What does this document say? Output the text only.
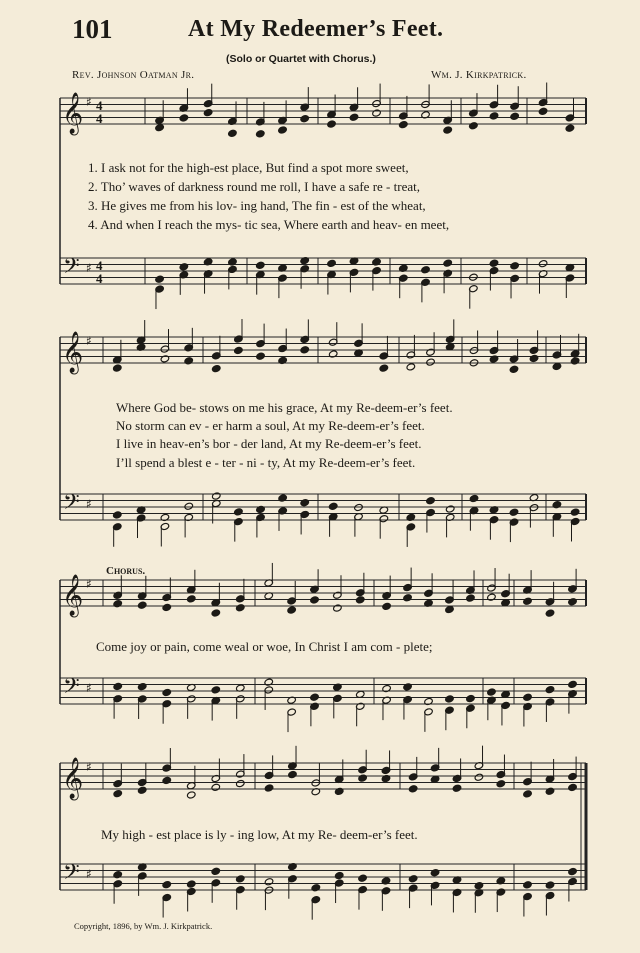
101	At My Redeemer’s Feet.
(Solo or Quartet with Chorus.)
Rev. Johnson Oatman Jr.	Wm. J. Kirkpatrick.
𝄞 ♯ 4
4
𝄢 ♯ 4
4
𝄞 ♯
𝄢 ♯
𝄞 ♯
𝄢 ♯
𝄞 ♯
𝄢 ♯
1. I ask not for the high-est place, But find a spot more sweet,
2. Tho’ waves of darkness round me roll, I have a safe re - treat,
3. He gives me from his lov- ing hand, The fin - est of the wheat,
4. And when I reach the mys- tic sea, Where earth and heav- en meet,
Where God be- stows on me his grace, At my Re-deem-er’s feet.
No storm can ev - er harm a soul, At my Re-deem-er’s feet.
I live in heav-en’s bor - der land, At my Re-deem-er’s feet.
I’ll spend a blest e - ter - ni - ty, At my Re-deem-er’s feet.
Chorus.
Come joy or pain, come weal or woe, In Christ I am com - plete;
My high - est place is ly - ing low, At my Re- deem-er’s feet.
Copyright, 1896, by Wm. J. Kirkpatrick.
